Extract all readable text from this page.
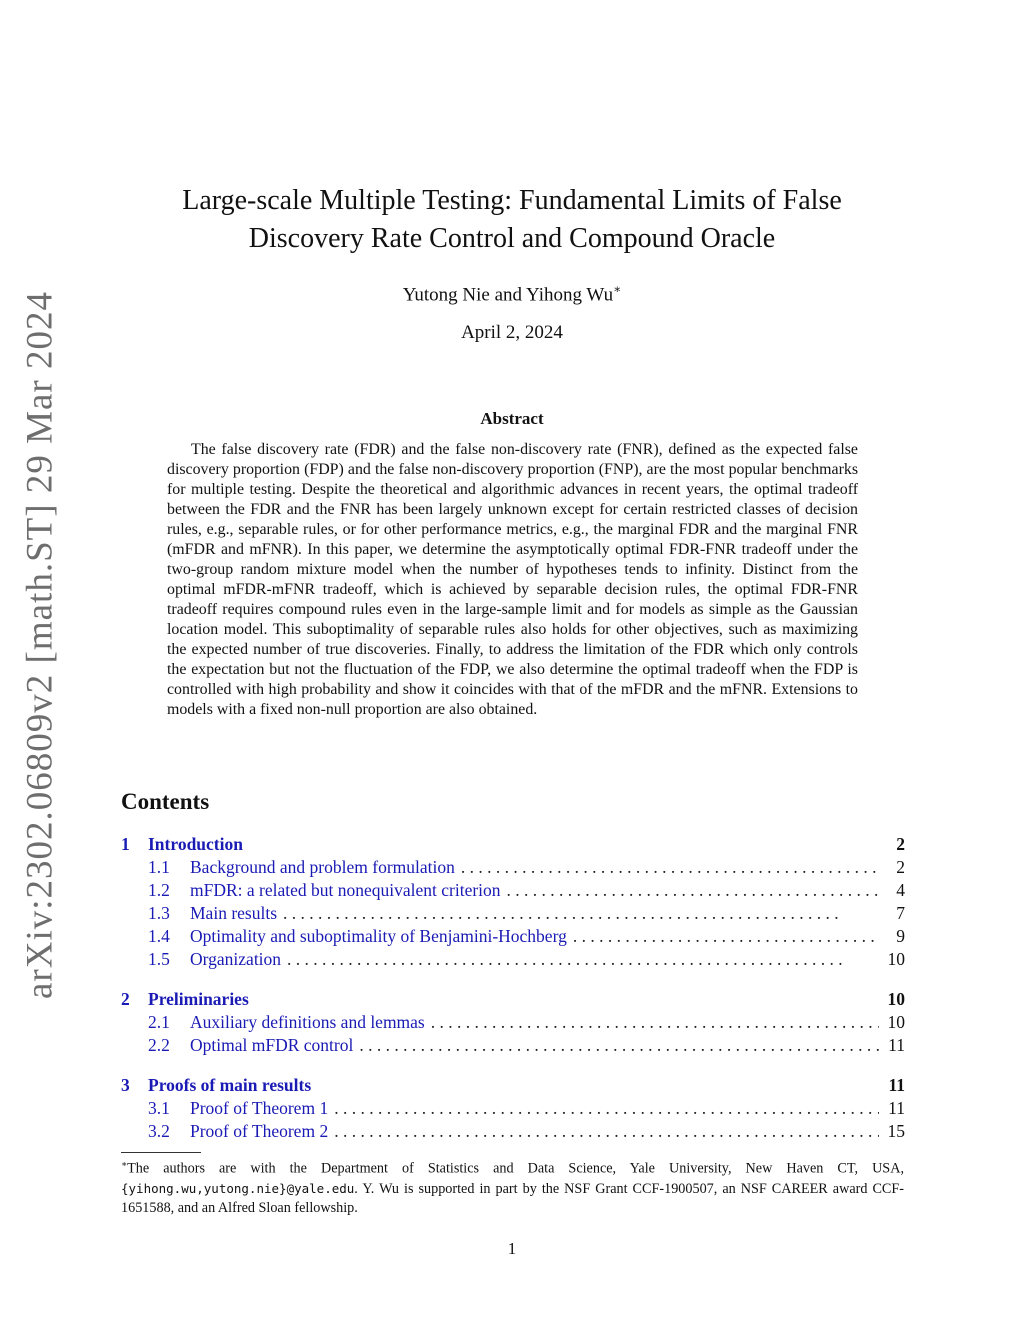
arXiv:2302.06809v2 [math.ST] 29 Mar 2024
Large-scale Multiple Testing: Fundamental Limits of False
Discovery Rate Control and Compound Oracle
Yutong Nie and Yihong Wu∗
April 2, 2024
Abstract

The false discovery rate (FDR) and the false non-discovery rate (FNR), defined as the expected false discovery proportion (FDP) and the false non-discovery proportion (FNP), are the most popular benchmarks for multiple testing. Despite the theoretical and algorithmic advances in recent years, the optimal tradeoff between the FDR and the FNR has been largely unknown except for certain restricted classes of decision rules, e.g., separable rules, or for other performance metrics, e.g., the marginal FDR and the marginal FNR (mFDR and mFNR). In this paper, we determine the asymptotically optimal FDR-FNR tradeoff under the two-group random mixture model when the number of hypotheses tends to infinity. Distinct from the optimal mFDR-mFNR tradeoff, which is achieved by separable decision rules, the optimal FDR-FNR tradeoff requires compound rules even in the large-sample limit and for models as simple as the Gaussian location model. This suboptimality of separable rules also holds for other objectives, such as maximizing the expected number of true discoveries. Finally, to address the limitation of the FDR which only controls the expectation but not the fluctuation of the FDP, we also determine the optimal tradeoff when the FDP is controlled with high probability and show it coincides with that of the mFDR and the mFNR. Extensions to models with a fixed non-null proportion are also obtained.

Contents
1	Introduction	2
1.1	Background and problem formulation . . .	2
1.2	mFDR: a related but nonequivalent criterion . . .	4
1.3	Main results . . .	7
1.4	Optimality and suboptimality of Benjamini-Hochberg . . .	9
1.5	Organization . . .	10
2	Preliminaries	10
2.1	Auxiliary definitions and lemmas . . .	10
2.2	Optimal mFDR control . . .	11
3	Proofs of main results	11
3.1	Proof of Theorem 1 . . .	11
3.2	Proof of Theorem 2 . . .	15

∗The authors are with the Department of Statistics and Data Science, Yale University, New Haven CT, USA, {yihong.wu,yutong.nie}@yale.edu. Y. Wu is supported in part by the NSF Grant CCF-1900507, an NSF CAREER award CCF-1651588, and an Alfred Sloan fellowship.

1
